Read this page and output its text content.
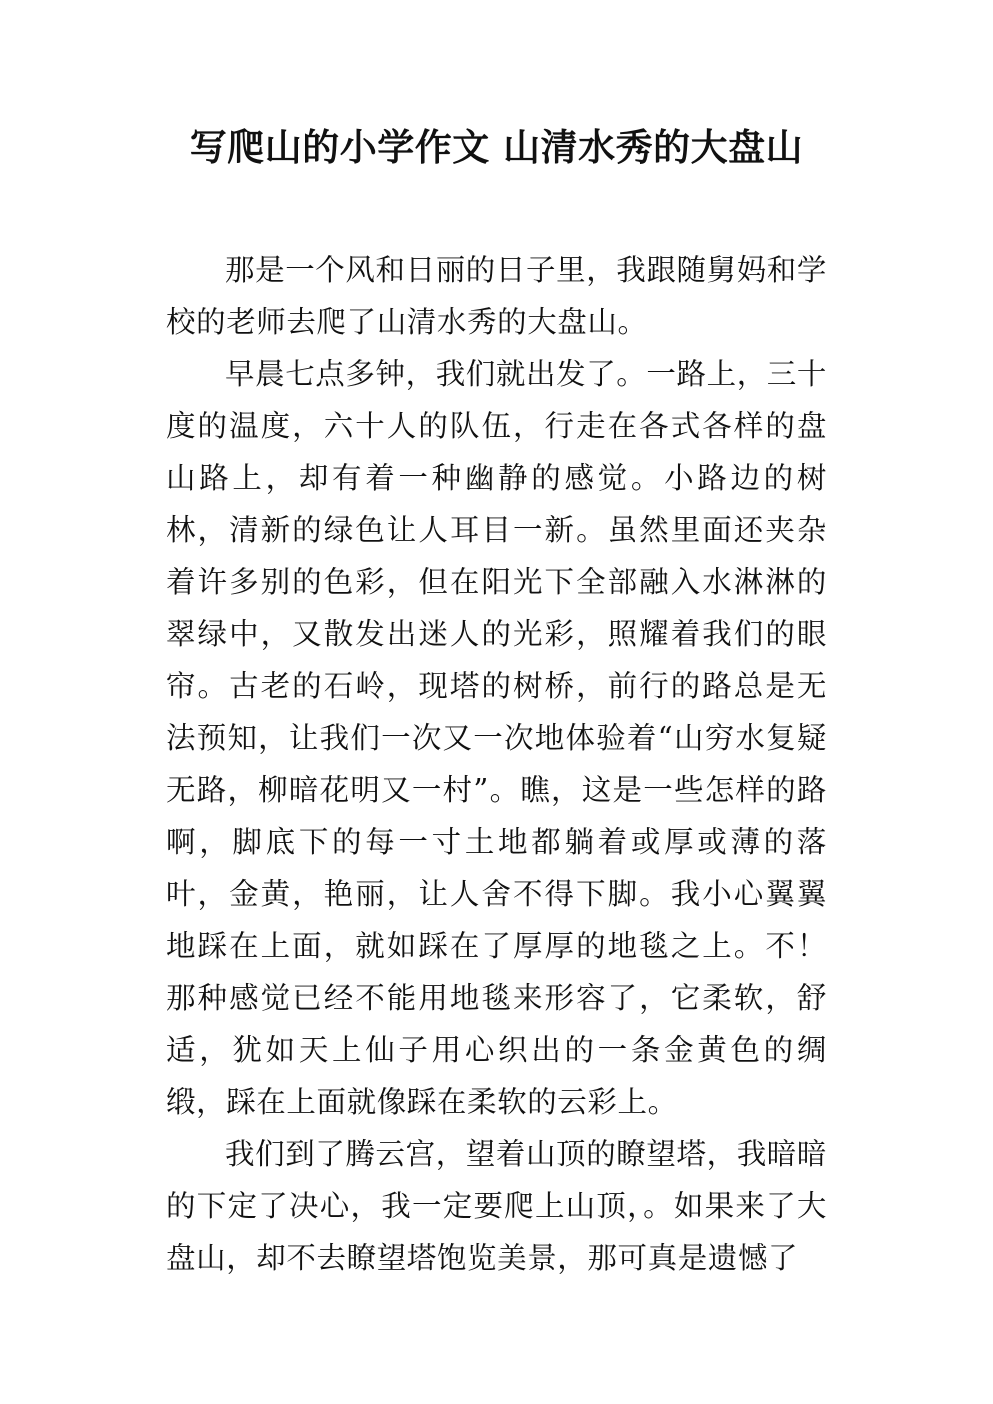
写爬山的小学作文 山清水秀的大盘山

那是一个风和日丽的日子里，我跟随舅妈和学校的老师去爬了山清水秀的大盘山。

早晨七点多钟，我们就出发了。一路上，三十度的温度，六十人的队伍，行走在各式各样的盘山路上，却有着一种幽静的感觉。小路边的树林，清新的绿色让人耳目一新。虽然里面还夹杂着许多别的色彩，但在阳光下全部融入水淋淋的翠绿中，又散发出迷人的光彩，照耀着我们的眼帘。古老的石岭，现塔的树桥，前行的路总是无法预知，让我们一次又一次地体验着“山穷水复疑无路，柳暗花明又一村”。瞧，这是一些怎样的路啊，脚底下的每一寸土地都躺着或厚或薄的落叶，金黄，艳丽，让人舍不得下脚。我小心翼翼地踩在上面，就如踩在了厚厚的地毯之上。不！那种感觉已经不能用地毯来形容了，它柔软，舒适，犹如天上仙子用心织出的一条金黄色的绸缎，踩在上面就像踩在柔软的云彩上。

我们到了腾云宫，望着山顶的瞭望塔，我暗暗的下定了决心，我一定要爬上山顶，。如果来了大盘山，却不去瞭望塔饱览美景，那可真是遗憾了
